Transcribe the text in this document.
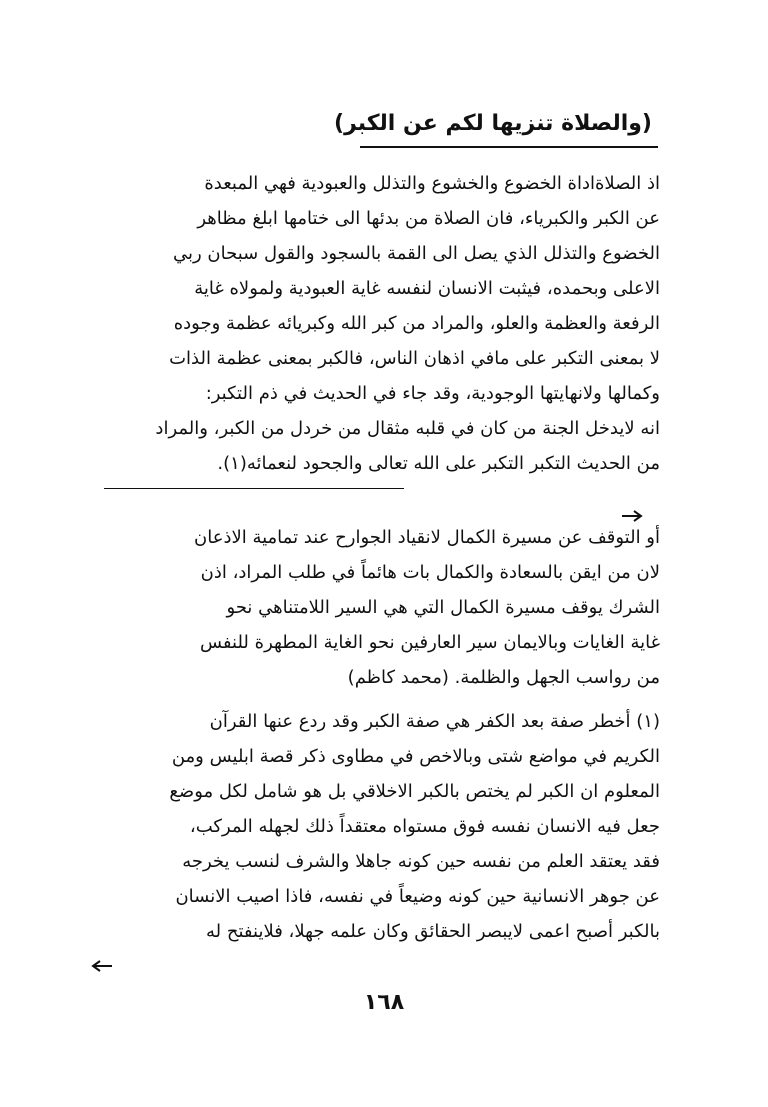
(والصلاة تنزيها لكم عن الكبر)
اذ الصلاةاداة الخضوع والخشوع والتذلل والعبودية فهي المبعدة
عن الكبر والكبرياء، فان الصلاة من بدئها الى ختامها ابلغ مظاهر
الخضوع والتذلل الذي يصل الى القمة بالسجود والقول سبحان ربي
الاعلى وبحمده، فيثبت الانسان لنفسه غاية العبودية ولمولاه غاية
الرفعة والعظمة والعلو، والمراد من كبر الله وكبريائه عظمة وجوده
لا بمعنى التكبر على مافي اذهان الناس، فالكبر بمعنى عظمة الذات
وكمالها ولانهايتها الوجودية، وقد جاء في الحديث في ذم التكبر:
انه لايدخل الجنة من كان في قلبه مثقال من خردل من الكبر، والمراد
من الحديث التكبر التكبر على الله تعالى والجحود لنعمائه(١).
أو التوقف عن مسيرة الكمال لانقياد الجوارح عند تمامية الاذعان
لان من ايقن بالسعادة والكمال بات هائماً في طلب المراد، اذن
الشرك يوقف مسيرة الكمال التي هي السير اللامتناهي نحو
غاية الغايات وبالايمان سير العارفين نحو الغاية المطهرة للنفس
من رواسب الجهل والظلمة. (محمد كاظم)
(١) أخطر صفة بعد الكفر هي صفة الكبر وقد ردع عنها القرآن
الكريم في مواضع شتى وبالاخص في مطاوى ذكر قصة ابليس ومن
المعلوم ان الكبر لم يختص بالكبر الاخلاقي بل هو شامل لكل موضع
جعل فيه الانسان نفسه فوق مستواه معتقداً ذلك لجهله المركب،
فقد يعتقد العلم من نفسه حين كونه جاهلا والشرف لنسب يخرجه
عن جوهر الانسانية حين كونه وضيعاً في نفسه، فاذا اصيب الانسان
بالكبر أصبح اعمى لايبصر الحقائق وكان علمه جهلا، فلاينفتح له
١٦٨
